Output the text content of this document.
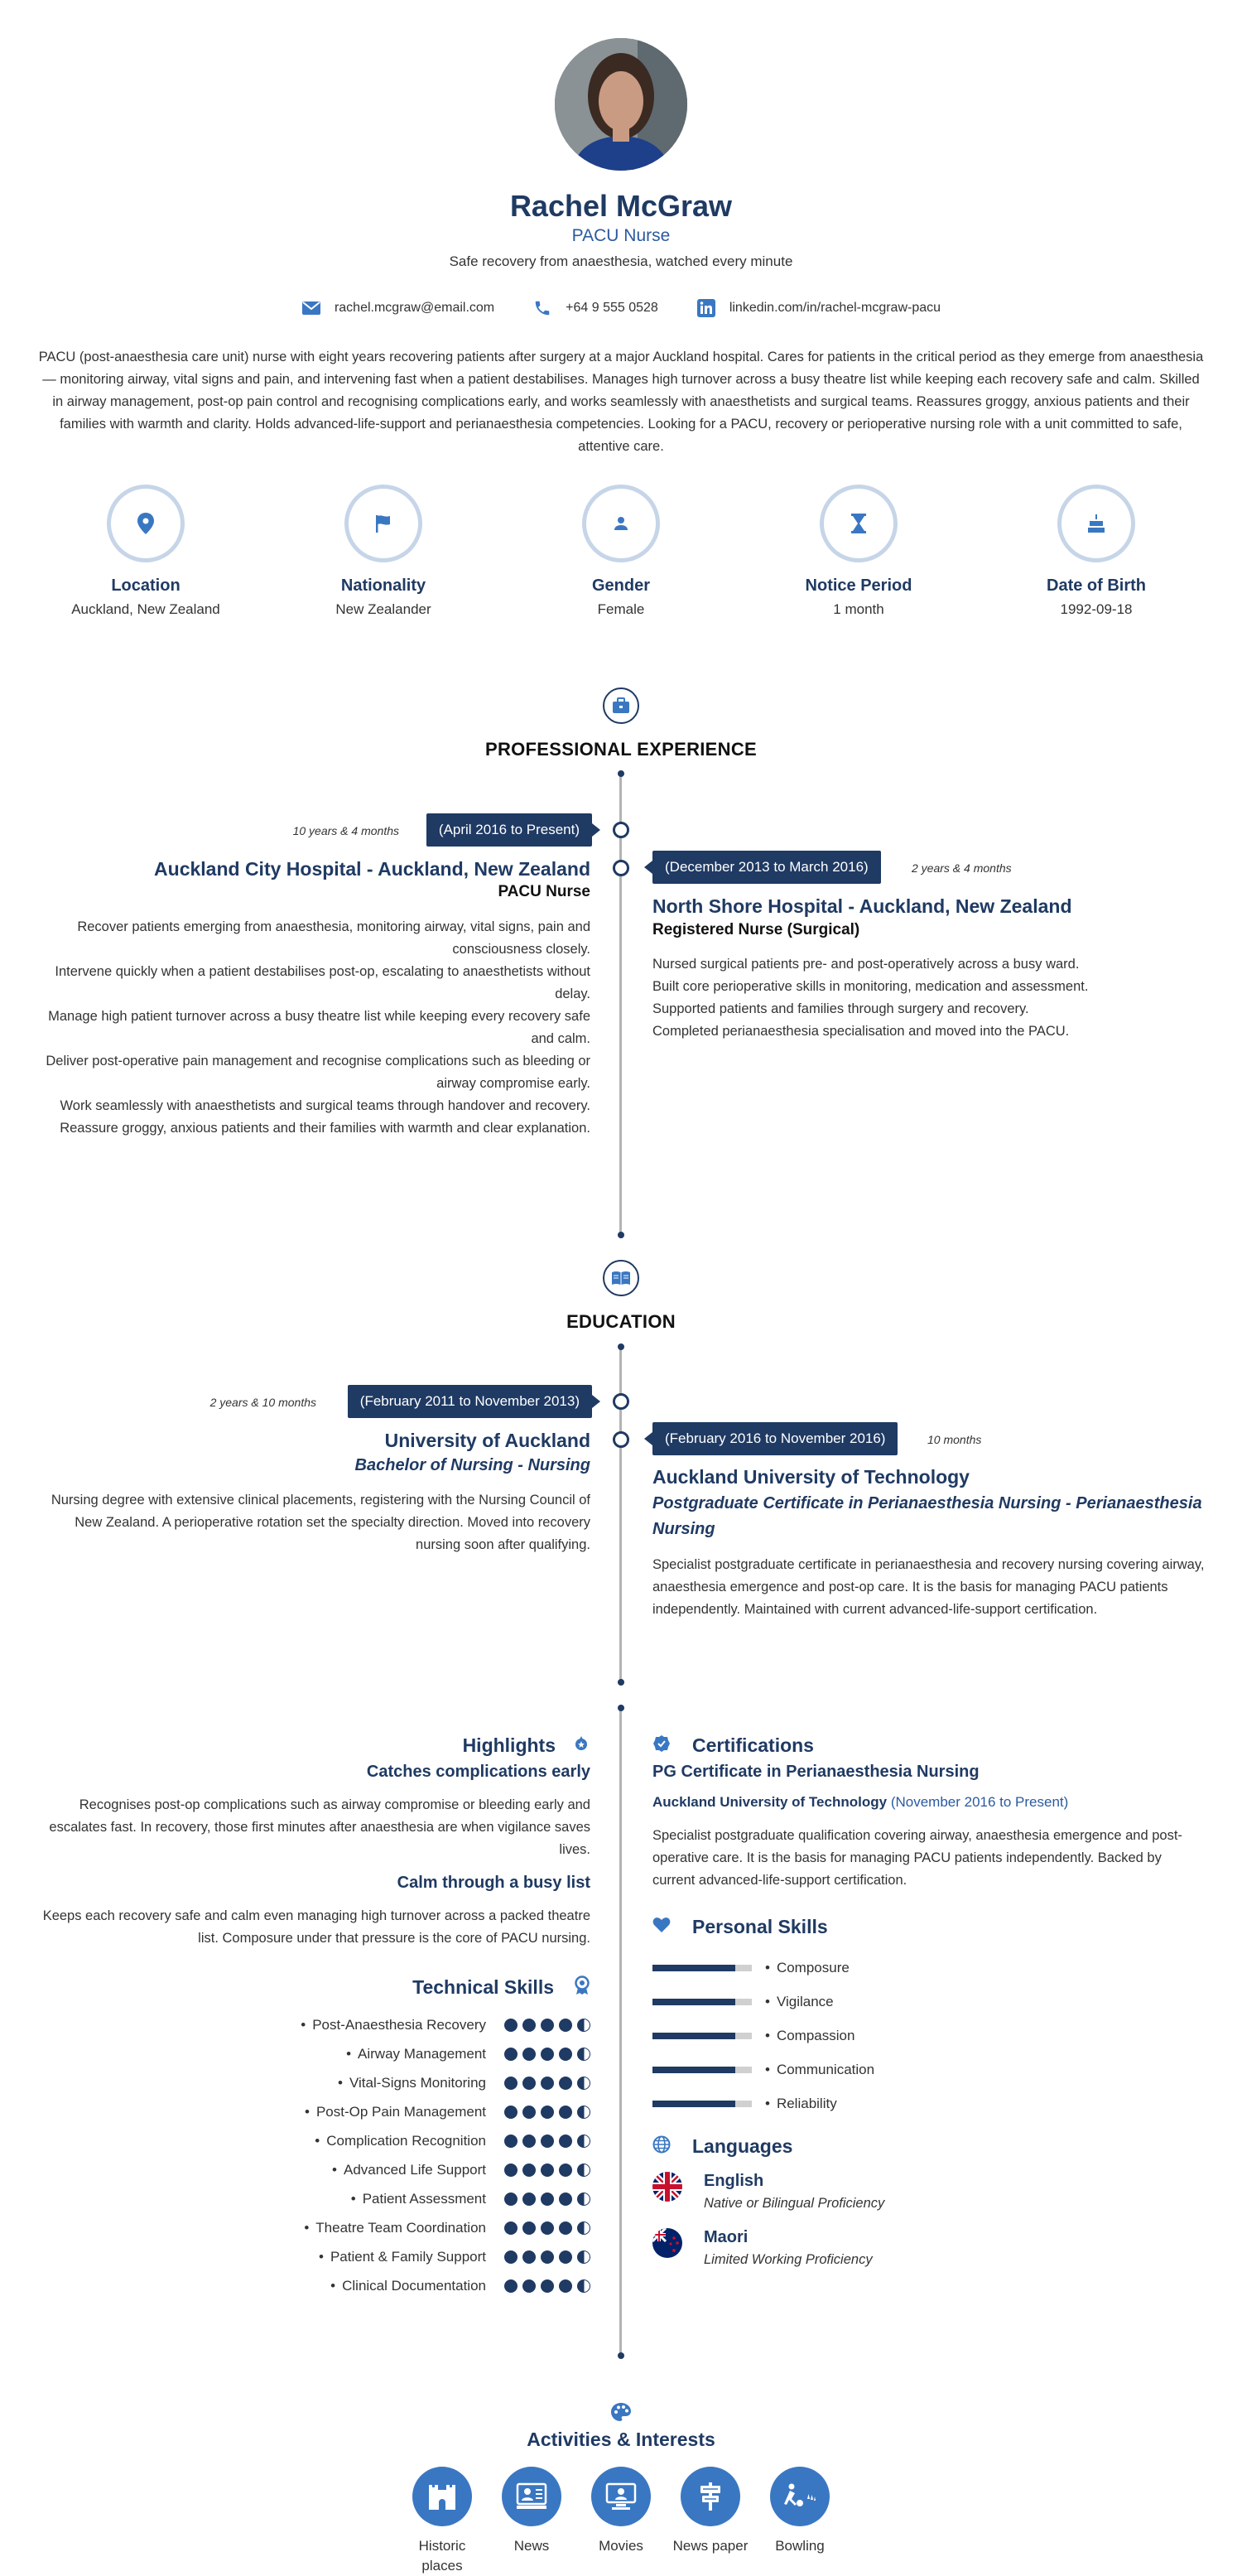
Rachel McGraw
PACU Nurse
Safe recovery from anaesthesia, watched every minute
rachel.mcgraw@email.com	+64 9 555 0528	linkedin.com/in/rachel-mcgraw-pacu
PACU (post-anaesthesia care unit) nurse with eight years recovering patients after surgery at a major Auckland hospital. Cares for patients in the critical period as they emerge from anaesthesia — monitoring airway, vital signs and pain, and intervening fast when a patient destabilises. Manages high turnover across a busy theatre list while keeping each recovery safe and calm. Skilled in airway management, post-op pain control and recognising complications early, and works seamlessly with anaesthetists and surgical teams. Reassures groggy, anxious patients and their families with warmth and clarity. Holds advanced-life-support and perianaesthesia competencies. Looking for a PACU, recovery or perioperative nursing role with a unit committed to safe, attentive care.
Location
Auckland, New Zealand
Nationality
New Zealander
Gender
Female
Notice Period
1 month
Date of Birth
1992-09-18
PROFESSIONAL EXPERIENCE
10 years & 4 months	(April 2016 to Present)
Auckland City Hospital - Auckland, New Zealand
PACU Nurse
Recover patients emerging from anaesthesia, monitoring airway, vital signs, pain and consciousness closely.
Intervene quickly when a patient destabilises post-op, escalating to anaesthetists without delay.
Manage high patient turnover across a busy theatre list while keeping every recovery safe and calm.
Deliver post-operative pain management and recognise complications such as bleeding or airway compromise early.
Work seamlessly with anaesthetists and surgical teams through handover and recovery.
Reassure groggy, anxious patients and their families with warmth and clear explanation.
(December 2013 to March 2016)	2 years & 4 months
North Shore Hospital - Auckland, New Zealand
Registered Nurse (Surgical)
Nursed surgical patients pre- and post-operatively across a busy ward.
Built core perioperative skills in monitoring, medication and assessment.
Supported patients and families through surgery and recovery.
Completed perianaesthesia specialisation and moved into the PACU.
EDUCATION
2 years & 10 months	(February 2011 to November 2013)
University of Auckland
Bachelor of Nursing - Nursing
Nursing degree with extensive clinical placements, registering with the Nursing Council of New Zealand. A perioperative rotation set the specialty direction. Moved into recovery nursing soon after qualifying.
(February 2016 to November 2016)	10 months
Auckland University of Technology
Postgraduate Certificate in Perianaesthesia Nursing - Perianaesthesia Nursing
Specialist postgraduate certificate in perianaesthesia and recovery nursing covering airway, anaesthesia emergence and post-op care. It is the basis for managing PACU patients independently. Maintained with current advanced-life-support certification.
Highlights
Catches complications early
Recognises post-op complications such as airway compromise or bleeding early and escalates fast. In recovery, those first minutes after anaesthesia are when vigilance saves lives.
Calm through a busy list
Keeps each recovery safe and calm even managing high turnover across a packed theatre list. Composure under that pressure is the core of PACU nursing.
Technical Skills
• Post-Anaesthesia Recovery
• Airway Management
• Vital-Signs Monitoring
• Post-Op Pain Management
• Complication Recognition
• Advanced Life Support
• Patient Assessment
• Theatre Team Coordination
• Patient & Family Support
• Clinical Documentation
Certifications
PG Certificate in Perianaesthesia Nursing
Auckland University of Technology (November 2016 to Present)
Specialist postgraduate qualification covering airway, anaesthesia emergence and post-operative care. It is the basis for managing PACU patients independently. Backed by current advanced-life-support certification.
Personal Skills
• Composure
• Vigilance
• Compassion
• Communication
• Reliability
Languages
English
Native or Bilingual Proficiency
Maori
Limited Working Proficiency
Activities & Interests
Historic places
News	Movies	News paper	Bowling
